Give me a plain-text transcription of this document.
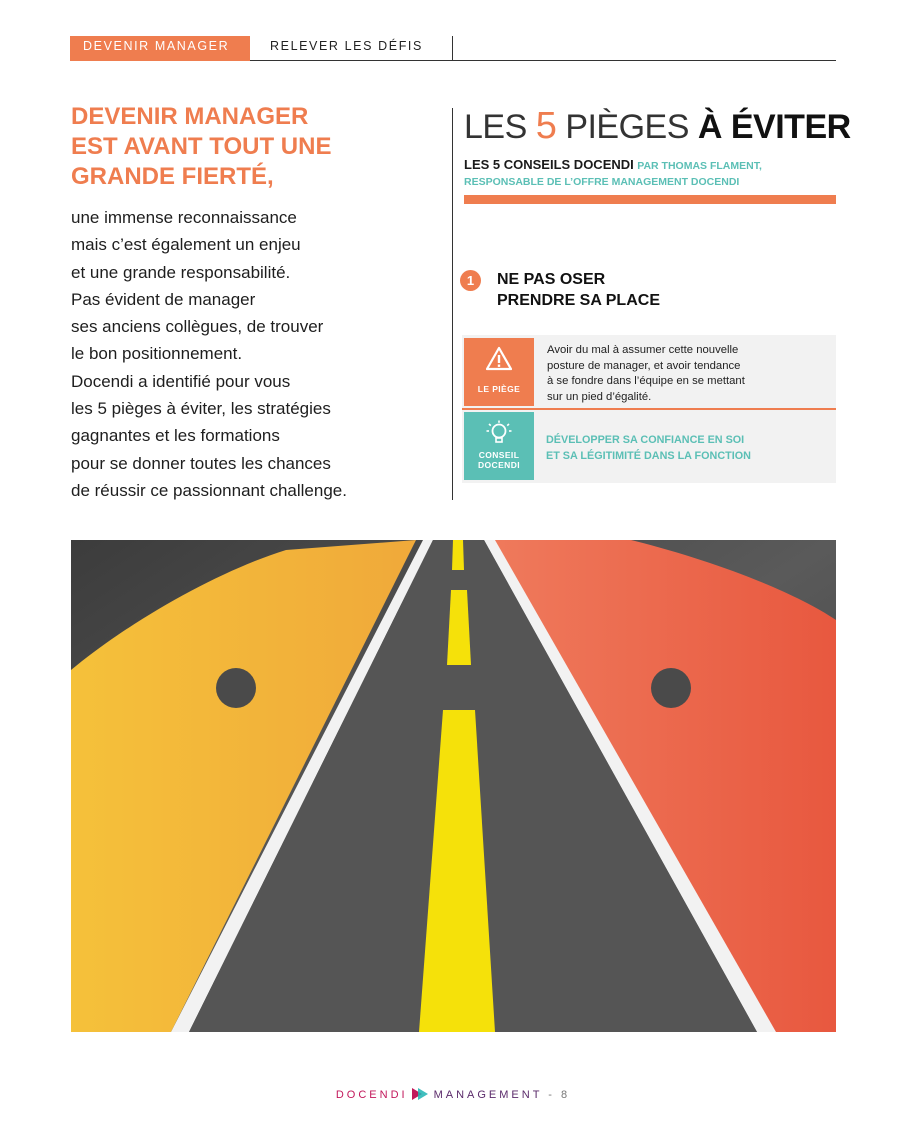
DEVENIR MANAGER	RELEVER LES DÉFIS
DEVENIR MANAGER
EST AVANT TOUT UNE
GRANDE FIERTÉ,
une immense reconnaissance
mais c’est également un enjeu
et une grande responsabilité.
Pas évident de manager
ses anciens collègues, de trouver
le bon positionnement.
Docendi a identifié pour vous
les 5 pièges à éviter, les stratégies
gagnantes et les formations
pour se donner toutes les chances
de réussir ce passionnant challenge.
LES 5 PIÈGES À ÉVITER
LES 5 CONSEILS DOCENDI PAR THOMAS FLAMENT,
RESPONSABLE DE L’OFFRE MANAGEMENT DOCENDI
1	NE PAS OSER
PRENDRE SA PLACE
LE PIÈGE
Avoir du mal à assumer cette nouvelle
posture de manager, et avoir tendance
à se fondre dans l’équipe en se mettant
sur un pied d’égalité.
CONSEIL
DOCENDI
DÉVELOPPER SA CONFIANCE EN SOI
ET SA LÉGITIMITÉ DANS LA FONCTION
DOCENDI MANAGEMENT - 8
